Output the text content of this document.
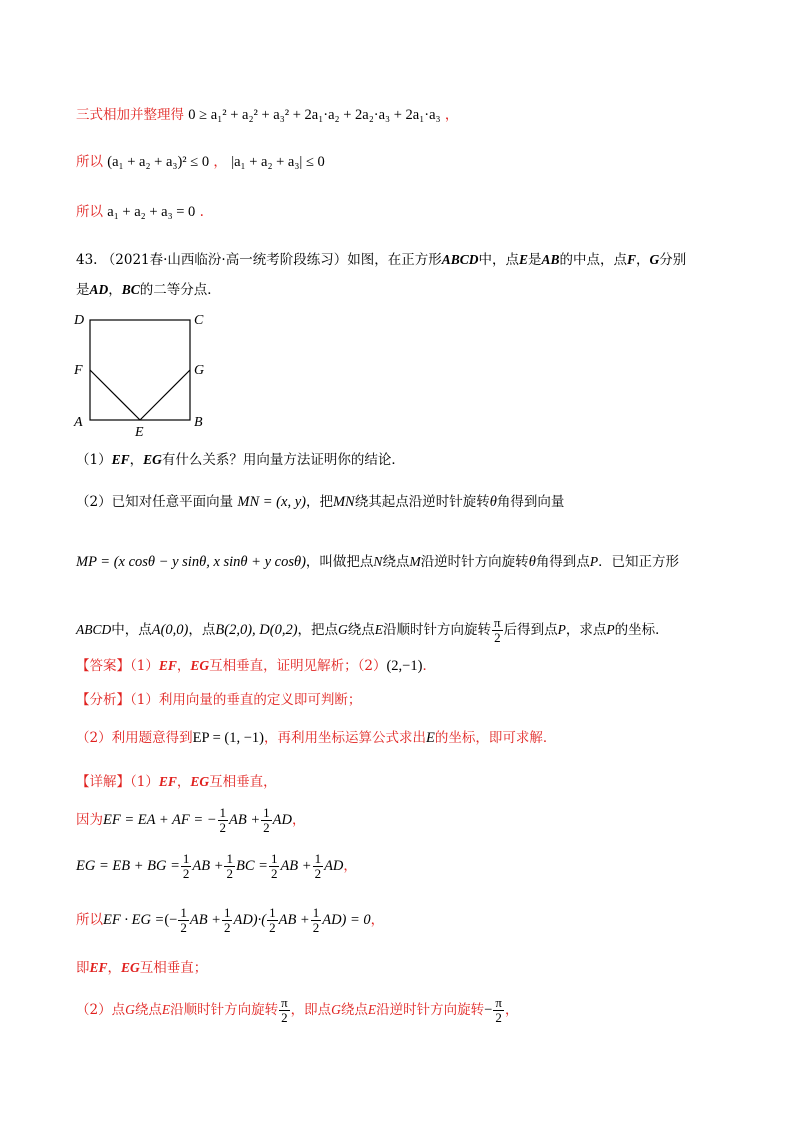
三式相加并整理得 0 ≥ a₁² + a₂² + a₃² + 2a₁·a₂ + 2a₂·a₃ + 2a₁·a₃ ，
所以 (a₁ + a₂ + a₃)² ≤ 0 ， |a₁ + a₂ + a₃| ≤ 0
所以 a₁ + a₂ + a₃ = 0 .
43. （2021春·山西临汾·高一统考阶段练习）如图，在正方形ABCD中，点E是AB的中点，点F，G分别
是AD，BC的二等分点．
D	C
F	G
A	B
E
（1）EF，EG有什么关系？用向量方法证明你的结论．
（2）已知对任意平面向量 MN = (x, y)，把MN绕其起点沿逆时针旋转θ角得到向量
MP = (x cosθ − y sinθ, x sinθ + y cosθ)，叫做把点N绕点M沿逆时针方向旋转θ角得到点P．已知正方形
ABCD中，点A(0,0)，点B(2,0), D(0,2)，把点G绕点E沿顺时针方向旋转 $\frac{\pi}{2}$ 后得到点P，求点P的坐标．
【答案】（1）EF，EG互相垂直，证明见解析；（2）(2,−1)．
【分析】（1）利用向量的垂直的定义即可判断；
（2）利用题意得到EP = (1, −1)，再利用坐标运算公式求出E的坐标，即可求解．
【详解】（1）EF，EG互相垂直，
因为EF = EA + AF = − $\frac{1}{2}$ AB + $\frac{1}{2}$ AD，
EG = EB + BG = $\frac{1}{2}$ AB + $\frac{1}{2}$ BC = $\frac{1}{2}$ AB + $\frac{1}{2}$ AD，
所以EF · EG =(− $\frac{1}{2}$ AB + $\frac{1}{2} AD)\cdot( \frac{1}{2}$ AB + $\frac{1}{2} AD) = 0$，
即EF，EG互相垂直；
（2）点G绕点E沿顺时针方向旋转 $\frac{\pi}{2}$ ，即点G绕点E沿逆时针方向旋转− $\frac{\pi}{2}$ ，
